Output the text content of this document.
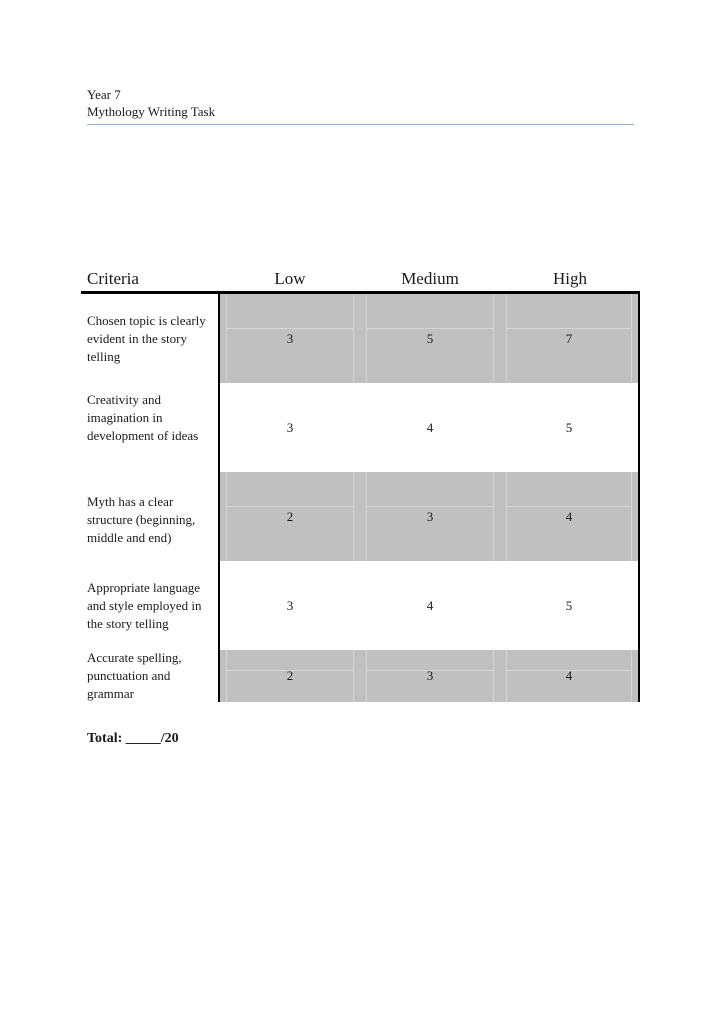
Year 7
Mythology Writing Task
Criteria	Low	Medium	High
Chosen topic is clearly evident in the story telling
3	5	7
Creativity and imagination in development of ideas
3	4	5
Myth has a clear structure (beginning, middle and end)
2	3	4
Appropriate language and style employed in the story telling
3	4	5
Accurate spelling, punctuation and grammar
2	3	4
Total: _____/20
